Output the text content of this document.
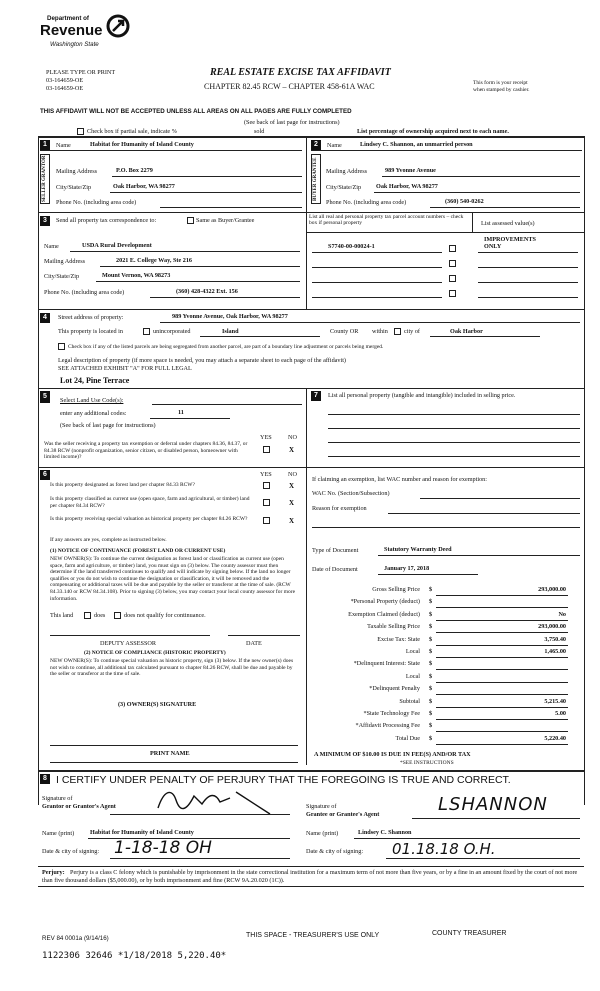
Department of
Revenue
Washington State
PLEASE TYPE OR PRINT
03-164659-OE
03-164659-OE
REAL ESTATE EXCISE TAX AFFIDAVIT
CHAPTER 82.45 RCW – CHAPTER 458-61A WAC	This form is your receipt
when stamped by cashier.
THIS AFFIDAVIT WILL NOT BE ACCEPTED UNLESS ALL AREAS ON ALL PAGES ARE FULLY COMPLETED
(See back of last page for instructions)
Check box if partial sale, indicate %	sold	List percentage of ownership acquired next to each name.
1	Name	Habitat for Humanity of Island County
SELLER GRANTOR	Mailing Address	P.O. Box 2279
City/State/Zip	Oak Harbor, WA 98277
Phone No. (including area code)
2	Name	Lindsey C. Shannon, an unmarried person
BUYER GRANTEE	Mailing Address	989 Yvonne Avenue
City/State/Zip Oak Harbor, WA 98277
Phone No. (including area code)	(360) 540-0262
3	Send all property tax correspondence to:	Same as Buyer/Grantee	List all real and personal property tax parcel account numbers – check box if personal property	List assessed value(s)
Name	USDA Rural Development
Mailing Address	2021 E. College Way, Ste 216
City/State/Zip	Mount Vernon, WA 98273
Phone No. (including area code)	(360) 428-4322 Ext. 156
S7740-00-00024-1
IMPROVEMENTS ONLY
4	Street address of property:	989 Yvonne Avenue, Oak Harbor, WA 98277
This property is located in	unincorporated	Island	County OR within	city of	Oak Harbor
Check box if any of the listed parcels are being segregated from another parcel, are part of a boundary line adjustment or parcels being merged.
Legal description of property (if more space is needed, you may attach a separate sheet to each page of the affidavit)
SEE ATTACHED EXHIBIT "A" FOR FULL LEGAL
Lot 24, Pine Terrace
5
Select Land Use Code(s):
enter any additional codes:	11
(See back of last page for instructions)
YES	NO
Was the seller receiving a property tax exemption or deferral under chapters 84.36, 84.37, or 84.38 RCW (nonprofit organization, senior citizen, or disabled person, homeowner with limited income)?
X
7	List all personal property (tangible and intangible) included in selling price.
6	YES	NO
Is this property designated as forest land per chapter 84.33 RCW?	X
Is this property classified as current use (open space, farm and agricultural, or timber) land per chapter 84.34 RCW?	X
Is this property receiving special valuation as historical property per chapter 84.26 RCW?	X
If any answers are yes, complete as instructed below.
(1) NOTICE OF CONTINUANCE (FOREST LAND OR CURRENT USE)
NEW OWNER(S): To continue the current designation as forest land or classification as current use (open space, farm and agriculture, or timber) land, you must sign on (3) below. The county assessor must then determine if the land transferred continues to qualify and will indicate by signing below. If the land no longer qualifies or you do not wish to continue the designation or classification, it will be removed and the compensating or additional taxes will be due and payable by the seller or transferor at the time of sale. (RCW 84.33.140 or RCW 84.34.108). Prior to signing (3) below, you may contact your local county assessor for more information.
This land	does	does not qualify for continuance.
DEPUTY ASSESSOR	DATE
(2) NOTICE OF COMPLIANCE (HISTORIC PROPERTY)
NEW OWNER(S): To continue special valuation as historic property, sign (3) below. If the new owner(s) does not wish to continue, all additional tax calculated pursuant to chapter 84.26 RCW, shall be due and payable by the seller or transferor at the time of sale.
(3) OWNER(S) SIGNATURE
PRINT NAME
If claiming an exemption, list WAC number and reason for exemption:
WAC No. (Section/Subsection)
Reason for exemption
Type of Document	Statutory Warranty Deed
Date of Document	January 17, 2018
Gross Selling Price $	293,000.00
*Personal Property (deduct) $
Exemption Claimed (deduct) $	No
Taxable Selling Price $	293,000.00
Excise Tax: State $	3,750.40
Local $	1,465.00
*Delinquent Interest: State $
Local $
*Delinquent Penalty $
Subtotal $	5,215.40
*State Technology Fee $	5.00
*Affidavit Processing Fee $
Total Due $	5,220.40
A MINIMUM OF $10.00 IS DUE IN FEE(S) AND/OR TAX
*SEE INSTRUCTIONS
8 I CERTIFY UNDER PENALTY OF PERJURY THAT THE FOREGOING IS TRUE AND CORRECT.
Signature of
Grantor or Grantor's Agent
Name (print)	Habitat for Humanity of Island County
Date & city of signing: 1-18-18 OH
Signature of
Grantee or Grantee's Agent	LSHANNON
Name (print)	Lindsey C. Shannon
Date & city of signing: 01.18.18 O.H.
Perjury: Perjury is a class C felony which is punishable by imprisonment in the state correctional institution for a maximum term of not more than five years, or by a fine in an amount fixed by the court of not more than five thousand dollars ($5,000.00), or by both imprisonment and fine (RCW 9A.20.020 (1C)).
REV 84 0001a (9/14/16)	THIS SPACE - TREASURER'S USE ONLY	COUNTY TREASURER
1122306 32646 *1/18/2018 5,220.40*
